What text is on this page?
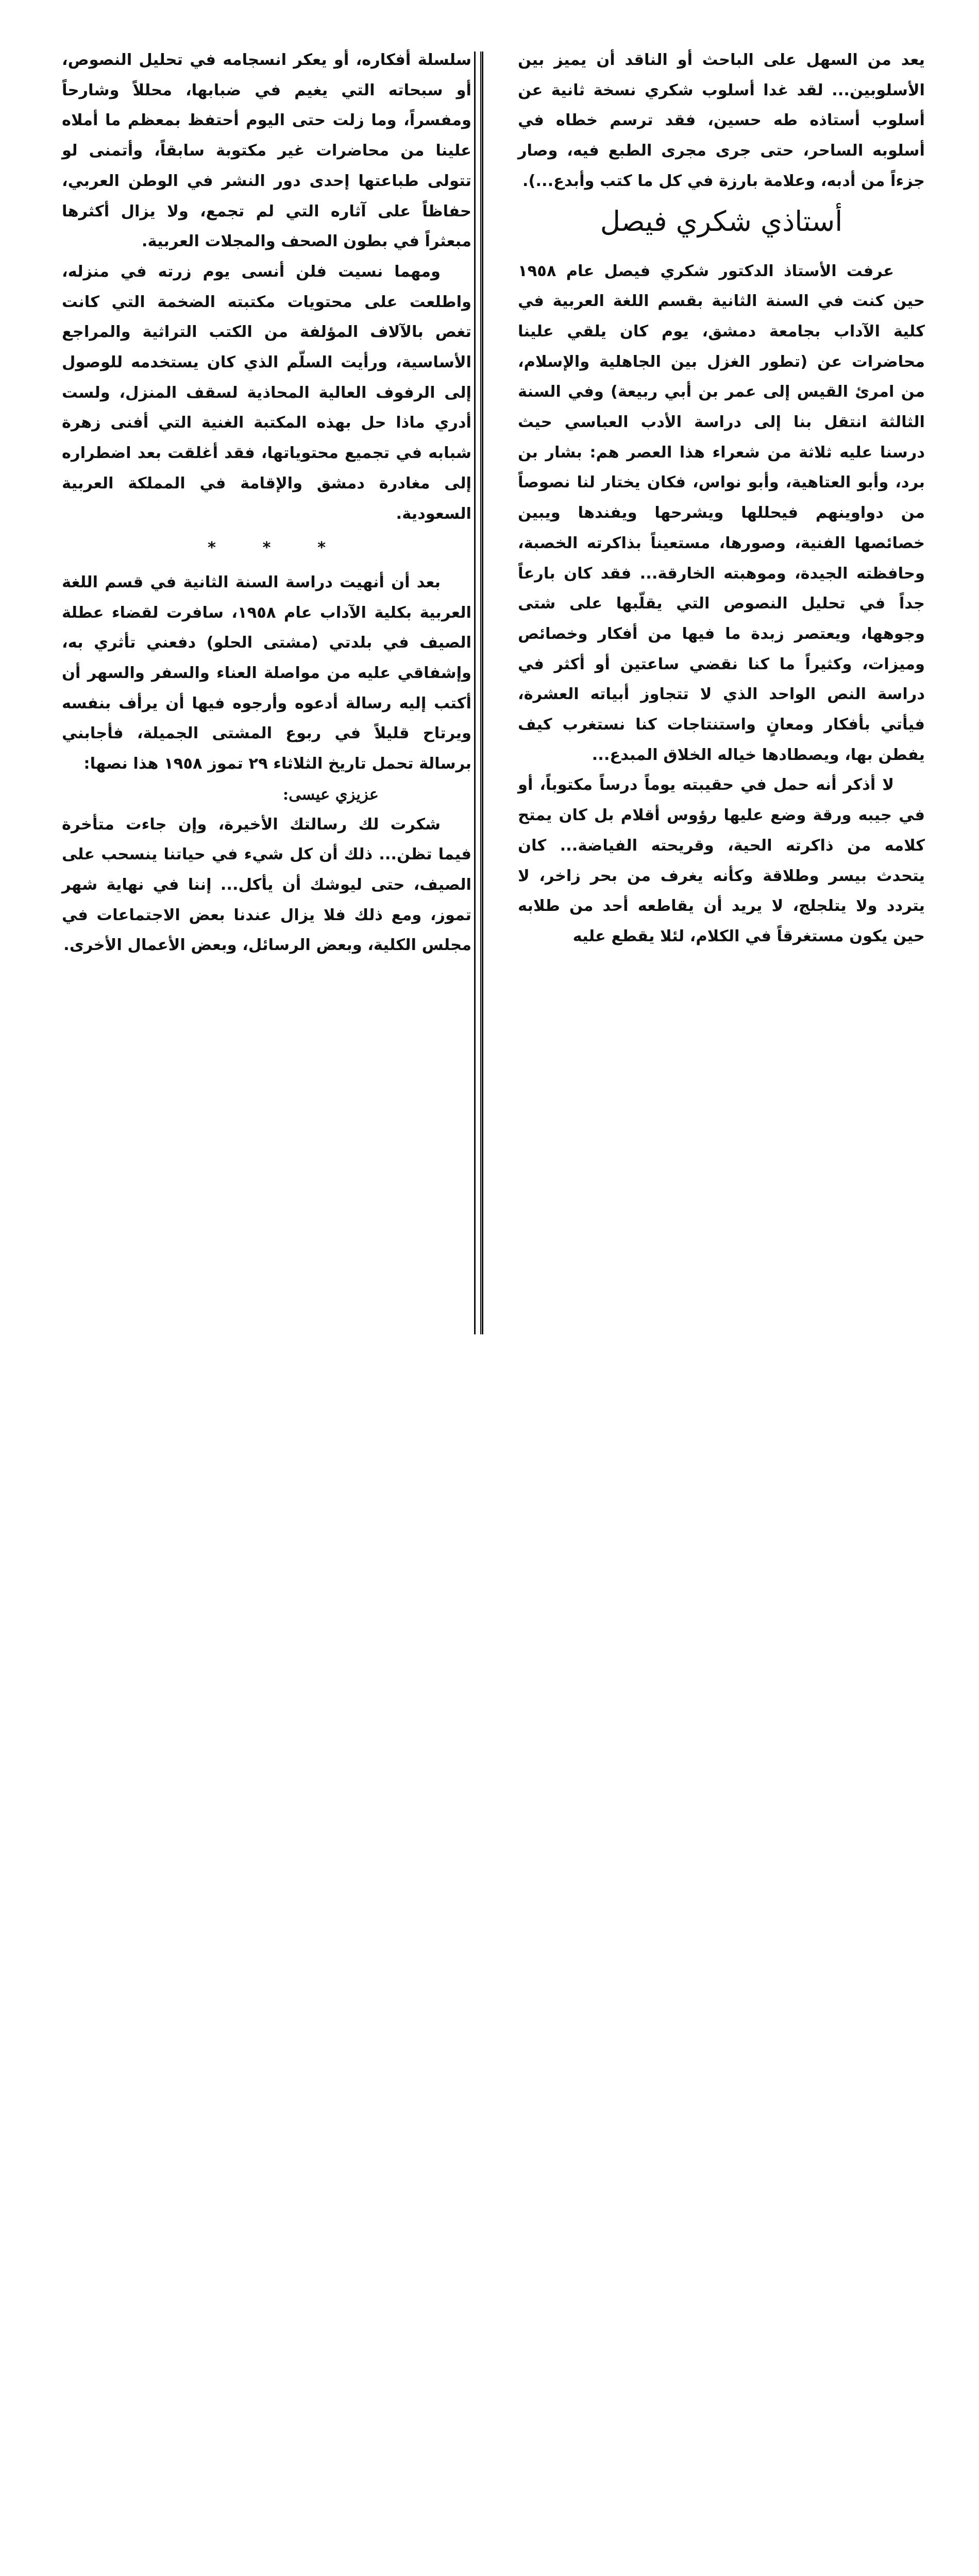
يعد من السهل على الباحث أو الناقد أن يميز بين الأسلوبين... لقد غدا أسلوب شكري نسخة ثانية عن أسلوب أستاذه طه حسين، فقد ترسم خطاه في أسلوبه الساحر، حتى جرى مجرى الطبع فيه، وصار جزءاً من أدبه، وعلامة بارزة في كل ما كتب وأبدع...).

أستاذي شكري فيصل

عرفت الأستاذ الدكتور شكري فيصل عام ١٩٥٨ حين كنت في السنة الثانية بقسم اللغة العربية في كلية الآداب بجامعة دمشق، يوم كان يلقي علينا محاضرات عن (تطور الغزل بين الجاهلية والإسلام، من امرئ القيس إلى عمر بن أبي ربيعة) وفي السنة الثالثة انتقل بنا إلى دراسة الأدب العباسي حيث درسنا عليه ثلاثة من شعراء هذا العصر هم: بشار بن برد، وأبو العتاهية، وأبو نواس، فكان يختار لنا نصوصاً من دواوينهم فيحللها ويشرحها ويفندها ويبين خصائصها الفنية، وصورها، مستعيناً بذاكرته الخصبة، وحافظته الجيدة، وموهبته الخارقة... فقد كان بارعاً جداً في تحليل النصوص التي يقلّبها على شتى وجوهها، ويعتصر زبدة ما فيها من أفكار وخصائص وميزات، وكثيراً ما كنا نقضي ساعتين أو أكثر في دراسة النص الواحد الذي لا تتجاوز أبياته العشرة، فيأتي بأفكار ومعانٍ واستنتاجات كنا نستغرب كيف يفطن بها، ويصطادها خياله الخلاق المبدع...

لا أذكر أنه حمل في حقيبته يوماً درساً مكتوباً، أو في جيبه ورقة وضع عليها رؤوس أقلام بل كان يمتح كلامه من ذاكرته الحية، وقريحته الفياضة... كان يتحدث بيسر وطلاقة وكأنه يغرف من بحر زاخر، لا يتردد ولا يتلجلج، لا يريد أن يقاطعه أحد من طلابه حين يكون مستغرقاً في الكلام، لئلا يقطع عليه

سلسلة أفكاره، أو يعكر انسجامه في تحليل النصوص، أو سبحاته التي يغيم في ضبابها، محللاً وشارحاً ومفسراً، وما زلت حتى اليوم أحتفظ بمعظم ما أملاه علينا من محاضرات غير مكتوبة سابقاً، وأتمنى لو تتولى طباعتها إحدى دور النشر في الوطن العربي، حفاظاً على آثاره التي لم تجمع، ولا يزال أكثرها مبعثراً في بطون الصحف والمجلات العربية.

ومهما نسيت فلن أنسى يوم زرته في منزله، واطلعت على محتويات مكتبته الضخمة التي كانت تغص بالآلاف المؤلفة من الكتب التراثية والمراجع الأساسية، ورأيت السلّم الذي كان يستخدمه للوصول إلى الرفوف العالية المحاذية لسقف المنزل، ولست أدري ماذا حل بهذه المكتبة الغنية التي أفنى زهرة شبابه في تجميع محتوياتها، فقد أغلقت بعد اضطراره إلى مغادرة دمشق والإقامة في المملكة العربية السعودية.

* * *

بعد أن أنهيت دراسة السنة الثانية في قسم اللغة العربية بكلية الآداب عام ١٩٥٨، سافرت لقضاء عطلة الصيف في بلدتي (مشتى الحلو) دفعني تأثري به، وإشفاقي عليه من مواصلة العناء والسفر والسهر أن أكتب إليه رسالة أدعوه وأرجوه فيها أن يرأف بنفسه ويرتاح قليلاً في ربوع المشتى الجميلة، فأجابني برسالة تحمل تاريخ الثلاثاء ٢٩ تموز ١٩٥٨ هذا نصها:

عزيزي عيسى:

شكرت لك رسالتك الأخيرة، وإن جاءت متأخرة فيما تظن... ذلك أن كل شيء في حياتنا ينسحب على الصيف، حتى ليوشك أن يأكل... إننا في نهاية شهر تموز، ومع ذلك فلا يزال عندنا بعض الاجتماعات في مجلس الكلية، وبعض الرسائل، وبعض الأعمال الأخرى.
